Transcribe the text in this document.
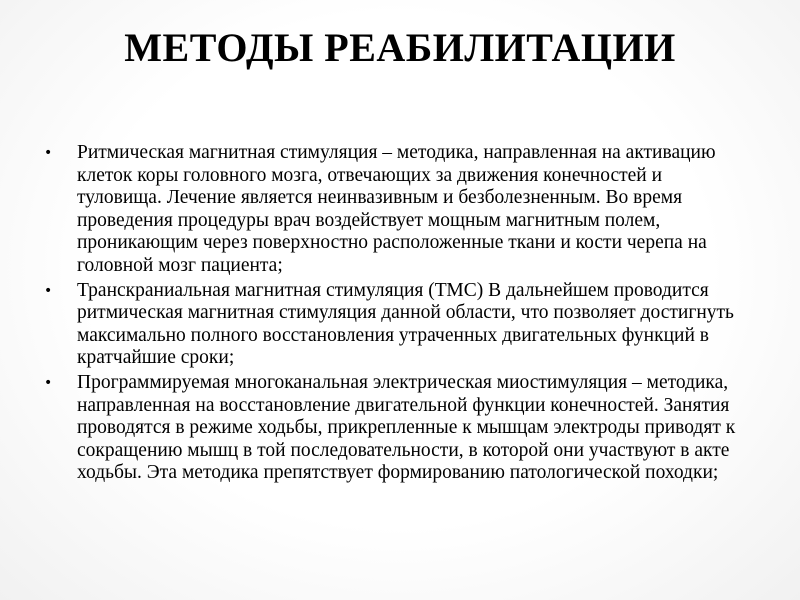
МЕТОДЫ РЕАБИЛИТАЦИИ
•	Ритмическая магнитная стимуляция – методика, направленная на активацию клеток коры головного мозга, отвечающих за движения конечностей и туловища. Лечение является неинвазивным и безболезненным. Во время проведения процедуры врач воздействует мощным магнитным полем, проникающим через поверхностно расположенные ткани и кости черепа на головной мозг пациента;
•	Транскраниальная магнитная стимуляция (ТМС) В дальнейшем проводится ритмическая магнитная стимуляция данной области, что позволяет достигнуть максимально полного восстановления утраченных двигательных функций в кратчайшие сроки;
•	Программируемая многоканальная электрическая миостимуляция – методика, направленная на восстановление двигательной функции конечностей. Занятия проводятся в режиме ходьбы, прикрепленные к мышцам электроды приводят к сокращению мышц в той последовательности, в которой они участвуют в акте ходьбы. Эта методика препятствует формированию патологической походки;
